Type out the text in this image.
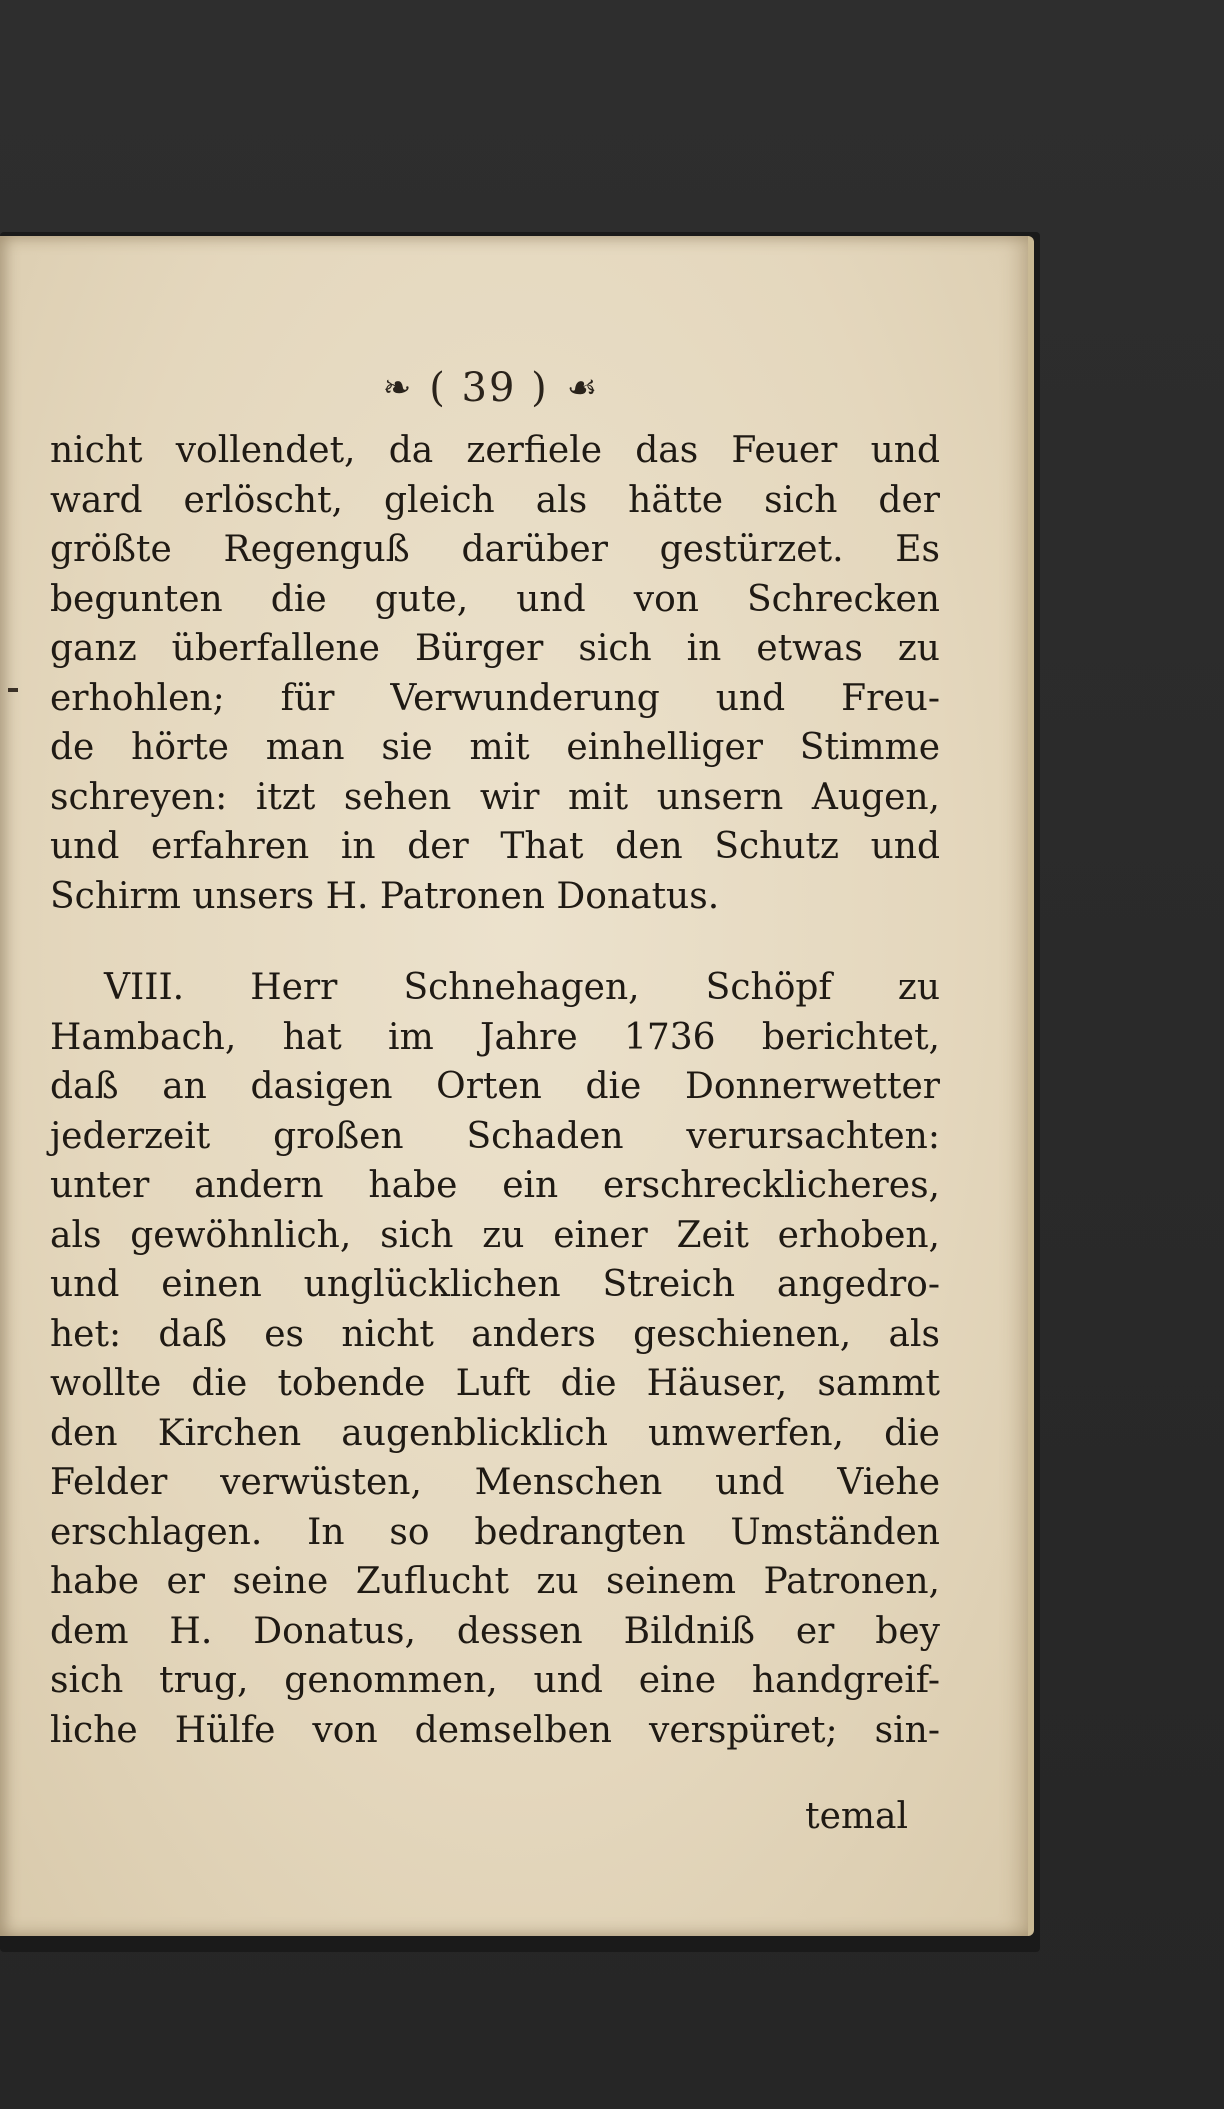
❧ ( 39 ) ☙
nicht vollendet, da zerfiele das Feuer und
ward erlöscht, gleich als hätte sich der
größte Regenguß darüber gestürzet. Es
begunten die gute, und von Schrecken
ganz überfallene Bürger sich in etwas zu
erhohlen; für Verwunderung und Freu-
de hörte man sie mit einhelliger Stimme
schreyen: itzt sehen wir mit unsern Augen,
und erfahren in der That den Schutz und
Schirm unsers H. Patronen Donatus.
VIII. Herr Schnehagen, Schöpf zu
Hambach, hat im Jahre 1736 berichtet,
daß an dasigen Orten die Donnerwetter
jederzeit großen Schaden verursachten:
unter andern habe ein erschrecklicheres,
als gewöhnlich, sich zu einer Zeit erhoben,
und einen unglücklichen Streich angedro-
het: daß es nicht anders geschienen, als
wollte die tobende Luft die Häuser, sammt
den Kirchen augenblicklich umwerfen, die
Felder verwüsten, Menschen und Viehe
erschlagen. In so bedrangten Umständen
habe er seine Zuflucht zu seinem Patronen,
dem H. Donatus, dessen Bildniß er bey
sich trug, genommen, und eine handgreif-
liche Hülfe von demselben verspüret; sin-
temal
